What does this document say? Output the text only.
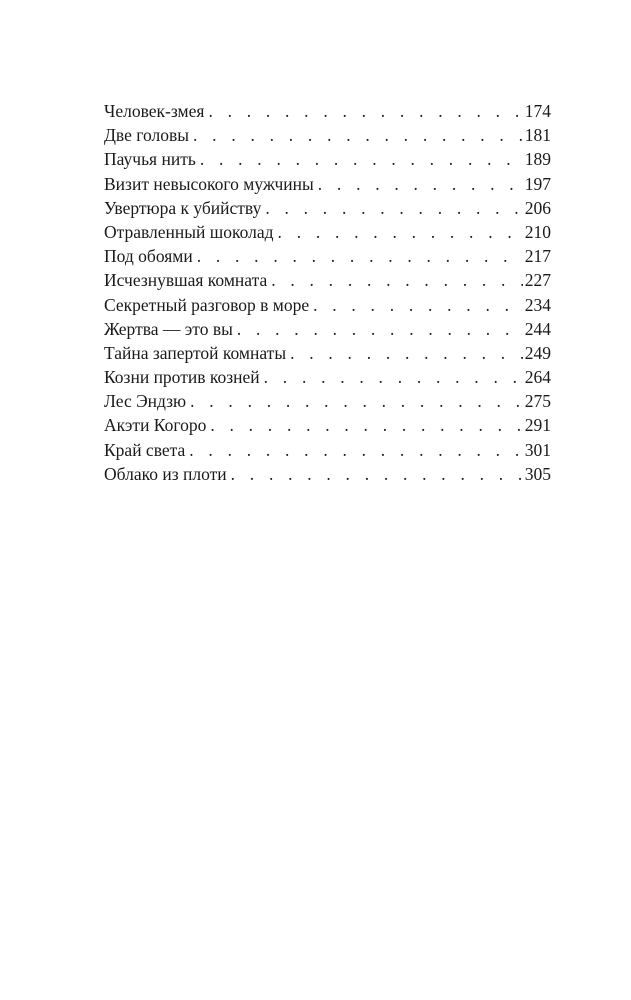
Человек-змея . . .	174
Две головы . . .	181
Паучья нить . . .	189
Визит невысокого мужчины . . .	197
Увертюра к убийству . . .	206
Отравленный шоколад . . .	210
Под обоями . . .	217
Исчезнувшая комната . . .	227
Секретный разговор в море . . .	234
Жертва — это вы . . .	244
Тайна запертой комнаты . . .	249
Козни против козней . . .	264
Лес Эндзю . . .	275
Акэти Когоро . . .	291
Край света . . .	301
Облако из плоти . . .	305
